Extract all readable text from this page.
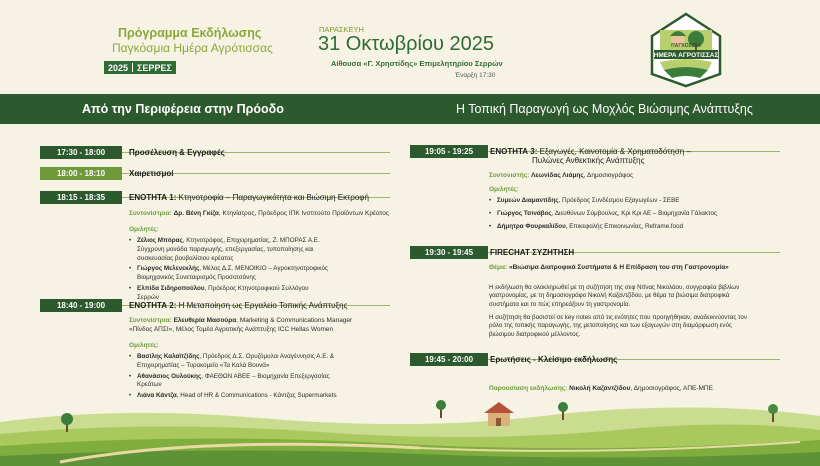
Πρόγραμμα Εκδήλωσης
Παγκόσμια Ημέρα Αγρότισσας
2025	ΣΕΡΡΕΣ
ΠΑΡΑΣΚΕΥΗ
31 Οκτωβρίου 2025
Αίθουσα «Γ. Χρηστίδης» Επιμελητηρίου Σερρών
Έναρξη 17:30
ΠΑΓΚΟΣΜΙΑ
ΗΜΕΡΑ ΑΓΡΟΤΙΣΣΑΣ
Από την Περιφέρεια στην Πρόοδο	Η Τοπική Παραγωγή ως Μοχλός Βιώσιμης Ανάπτυξης
17:30 - 18:00	Προσέλευση & Εγγραφές
18:00 - 18:10	Χαιρετισμοί
18:15 - 18:35	ΕΝΟΤΗΤΑ 1: Κτηνοτροφία – Παραγωγικότητα και Βιώσιμη Εκτροφή
Συντονίστρια: Δρ. Βένη Γκίζα, Κτηνίατρος, Πρόεδρος ΙΠΚ Ινστιτούτο Προϊόντων Κρέατος
Ομιλητές:
• Ζέλιος Μπόρας, Κτηνοτρόφος, Επιχειρηματίας, Ζ. ΜΠΟΡΑΣ Α.Ε. Σύγχρονη μονάδα παραγωγής, επεξεργασίας, τυποποίησης και συσκευασίας βουβαλίσιου κρέατος
• Γιώργος Μελενεκλής, Μέλος Δ.Σ. ΜΕΝΟΙΚΙΟ – Αγροκτηνοτροφικός Βιομηχανικός Συνεταιρισμός Προσοτσάνης
• Ελπίδα Σιδηροπούλου, Πρόεδρος Κτηνοτροφικού Συλλόγου Σερρών
18:40 - 19:00	ΕΝΟΤΗΤΑ 2: Η Μεταποίηση ως Εργαλείο Τοπικής Ανάπτυξης
Συντονίστρια: Ελευθερία Μασούρα, Marketing & Communications Manager
«Πίνδος ΑΠΣΙ», Μέλος Τομέα Αγροτικής Ανάπτυξης ICC Hellas Women
Ομιλητές:
• Βασίλης Καλαϊτζίδης, Πρόεδρος Δ.Σ. Ορυζόμυλοι Αναγέννησις Α.Ε. & Επιχειρηματίας – Τυροκομείο «Τα Καλά Βουνά»
• Αθανάσιος Ουλούκης, ΦΑΕΘΩΝ ΑΒΕΕ – Βιομηχανία Επεξεργασίας Κρεάτων
• Λιάνα Κάντζα, Head of HR & Communications - Κάντζας Supermarkets
19:05 - 19:25	ΕΝΟΤΗΤΑ 3: Εξαγωγές, Καινοτομία & Χρηματοδότηση –
Πυλώνες Ανθεκτικής Ανάπτυξης
Συντονιστής: Λεωνίδας Λιάμης, Δημοσιογράφος
Ομιλητές:
• Συμεών Διαμαντίδης, Πρόεδρος Συνδέσμου Εξαγωγέων - ΣΕΒΕ
• Γιώργος Τσινάβος, Διευθύνων Σύμβουλος, Κρι Κρι ΑΕ – Βιομηχανία Γάλακτος
• Δήμητρα Φουρκαλίδου, Επικεφαλής Επικοινωνίας, Reframe.food
19:30 - 19:45	FIRECHAT ΣΥΖΗΤΗΣΗ
Θέμα: «Βιώσιμα Διατροφικά Συστήματα & Η Επίδραση του στη Γαστρονομία»
Η εκδήλωση θα ολοκληρωθεί με τη συζήτηση της σεφ Ντίνας Νικολάου, συγγραφέα βιβλίων γαστρονομίας, με τη δημοσιογράφο Νικολή Καζαντζίδου, με θέμα τα βιώσιμα διατροφικά συστήματα και το πώς επηρεάζουν τη γαστρονομία.
Η συζήτηση θα βασιστεί σε key notes από τις ενότητες που προηγήθηκαν, αναδεικνύοντας τον ρόλο της τοπικής παραγωγής, της μεταποίησης και των εξαγωγών στη διαμόρφωση ενός βιώσιμου διατροφικού μέλλοντος.
19:45 - 20:00	Ερωτήσεις - Κλείσιμο εκδήλωσης
Παρουσίαση εκδήλωσης: Νικολή Καζαντζίδου, Δημοσιογράφος, ΑΠΕ-ΜΠΕ
